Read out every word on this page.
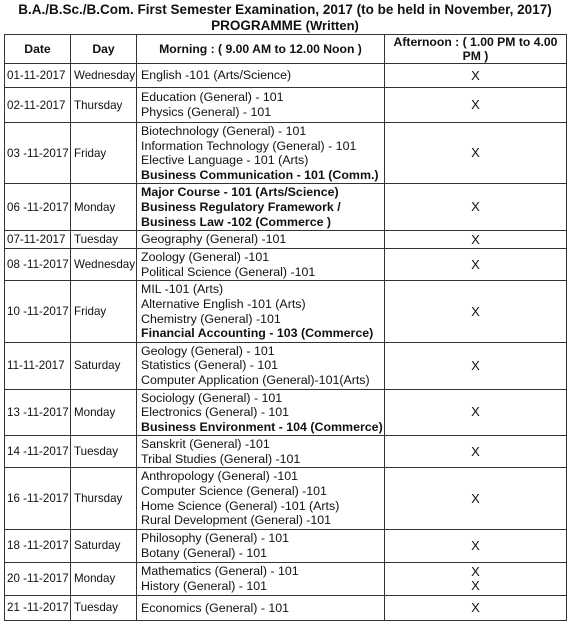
B.A./B.Sc./B.Com. First Semester Examination, 2017 (to be held in November, 2017)
PROGRAMME (Written)
Date	Day	Morning : ( 9.00 AM to 12.00 Noon )	Afternoon : ( 1.00 PM to 4.00 PM )
01-11-2017	Wednesday	English -101 (Arts/Science)	X

02-11-2017	Thursday	Education (General) - 101
Physics (General) - 101	X

03 -11-2017	Friday	Biotechnology (General) - 101
Information Technology (General) - 101
Elective Language - 101 (Arts)
Business Communication - 101 (Comm.)	X

06 -11-2017	Monday	Major Course - 101 (Arts/Science)
Business Regulatory Framework /
Business Law -102 (Commerce )	X

07-11-2017	Tuesday	Geography (General) -101	X

08 -11-2017	Wednesday	Zoology (General) -101
Political Science (General) -101	X

10 -11-2017	Friday	MIL -101 (Arts)
Alternative English -101 (Arts)
Chemistry (General) -101
Financial Accounting - 103 (Commerce)	X

11-11-2017	Saturday	Geology (General) - 101
Statistics (General) - 101
Computer Application (General)-101(Arts)	X

13 -11-2017	Monday	Sociology (General) - 101
Electronics (General) - 101
Business Environment - 104 (Commerce)	X

14 -11-2017	Tuesday	Sanskrit (General) -101
Tribal Studies (General) -101	X

16 -11-2017	Thursday	Anthropology (General) -101
Computer Science (General) -101
Home Science (General) -101 (Arts)
Rural Development (General) -101	X

18 -11-2017	Saturday	Philosophy (General) - 101
Botany (General) - 101	X

20 -11-2017	Monday	Mathematics (General) - 101
History (General) - 101	X
X

21 -11-2017	Tuesday	Economics (General) - 101	X
